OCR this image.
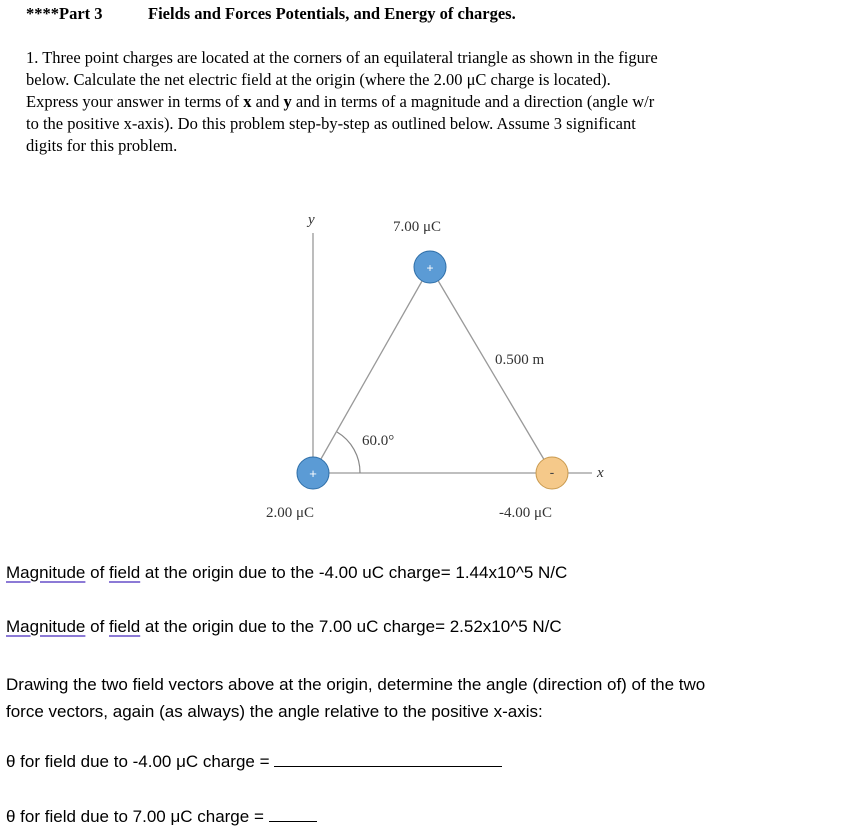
****Part 3	Fields and Forces Potentials, and Energy of charges.
1. Three point charges are located at the corners of an equilateral triangle as shown in the figure
below. Calculate the net electric field at the origin (where the 2.00 μC charge is located).
Express your answer in terms of x and y and in terms of a magnitude and a direction (angle w/r
to the positive x-axis). Do this problem step-by-step as outlined below. Assume 3 significant
digits for this problem.
+
+	-
y
x
7.00 μC
2.00 μC	-4.00 μC
0.500 m
60.0°
Magnitude of field at the origin due to the -4.00 uC charge= 1.44x10^5 N/C
Magnitude of field at the origin due to the 7.00 uC charge= 2.52x10^5 N/C
Drawing the two field vectors above at the origin, determine the angle (direction of) of the two
force vectors, again (as always) the angle relative to the positive x-axis:
θ for field due to -4.00 μC charge =
θ for field due to 7.00 μC charge =
